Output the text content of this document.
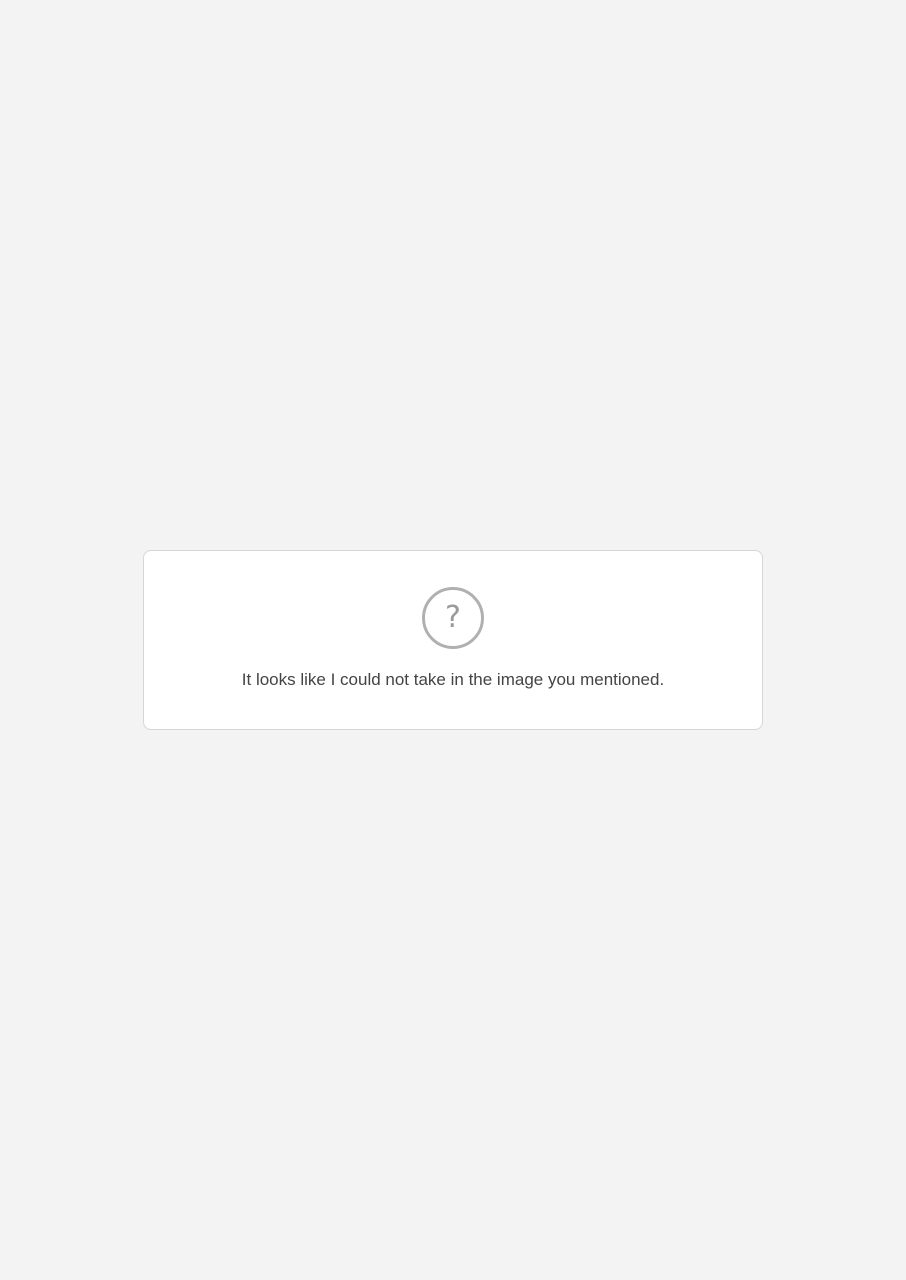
?
It looks like I could not take in the image you mentioned.
